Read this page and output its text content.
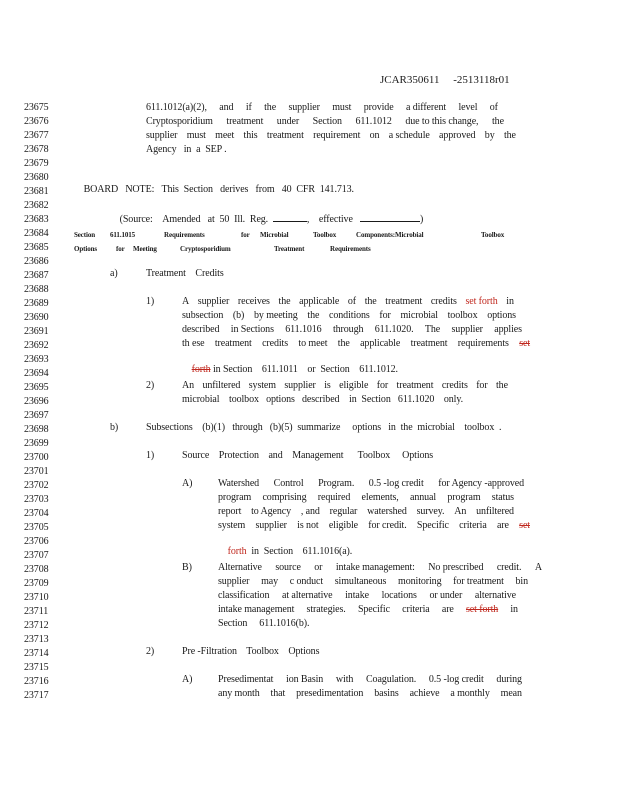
JCAR350611 -2513118r01
23675
23676
23677
23678
23679
23680
23681
23682
23683
23684
23685
23686
23687
23688
23689
23690
23691
23692
23693
23694
23695
23696
23697
23698
23699
23700
23701
23702
23703
23704
23705
23706
23707
23708
23709
23710
23711
23712
23713
23714
23715
23716
23717
611.1012(a)(2), and if the supplier must provide a different level of
Cryptosporidium treatment under Section 611.1012 due to this change, the
supplier must meet this treatment requirement on a schedule approved by the
Agency   in  a  SEP .

BOARD   NOTE: This  Section   derives   from   40  CFR  141.713.

(Source: Amended   at  50  Ill.  Reg.	,    effective	)

Section 611.1015	Requirements	for Microbial	Toolbox	Components:Microbial	Toolbox
Options	for Meeting	Cryptosporidium	Treatment	Requirements
a)	Treatment    Credits
1)	A supplier receives the applicable of the treatment credits set forth in
subsection (b) by meeting the conditions for microbial toolbox options
described in Sections 611.1016 through 611.1020. The supplier applies
th ese treatment credits to meet the applicable treatment requirements set

forth in Section    611.1011    or  Section    611.1012.

2)	An unfiltered system supplier is eligible for treatment credits for the
microbial    toolbox   options   described    in  Section   611.1020    only.
b)	Subsections    (b)(1)   through   (b)(5)  summarize     options   in  the  microbial    toolbox  .
1)	Source    Protection    and    Management      Toolbox     Options
A)	Watershed Control Program. 0.5 -log credit for Agency -approved
program comprising required elements, annual program status
report to Agency , and regular watershed survey. An unfiltered
system supplier is not eligible for credit. Specific criteria are set

forth  in  Section    611.1016(a).

B)	Alternative source or intake management: No prescribed credit. A
supplier may c onduct simultaneous monitoring for treatment bin
classification at alternative intake locations or under alternative
intake management strategies. Specific criteria are set forth in
Section     611.1016(b).
2)	Pre -Filtration    Toolbox    Options
A)	Presedimentat ion Basin with Coagulation. 0.5 -log credit during
any month that presedimentation basins achieve a monthly mean
